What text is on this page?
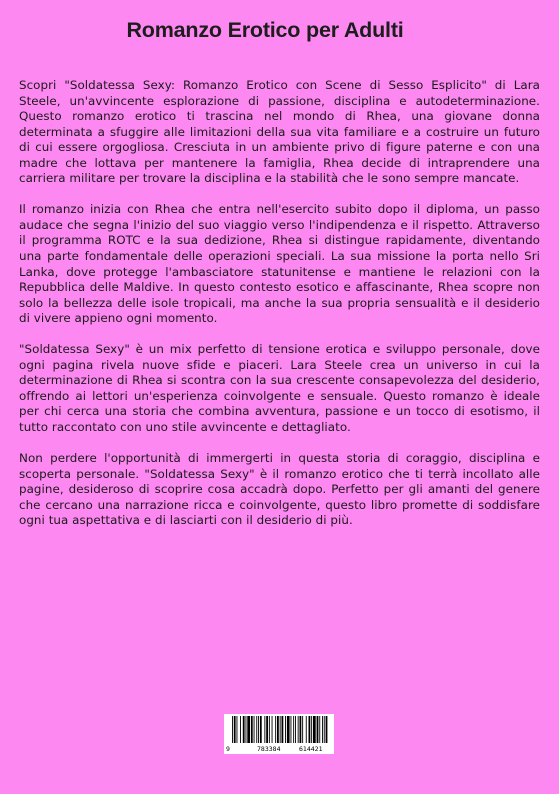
Romanzo Erotico per Adulti

Scopri "Soldatessa Sexy: Romanzo Erotico con Scene di Sesso Esplicito" di Lara Steele, un'avvincente esplorazione di passione, disciplina e autodeterminazione. Questo romanzo erotico ti trascina nel mondo di Rhea, una giovane donna determinata a sfuggire alle limitazioni della sua vita familiare e a costruire un futuro di cui essere orgogliosa. Cresciuta in un ambiente privo di figure paterne e con una madre che lottava per mantenere la famiglia, Rhea decide di intraprendere una carriera militare per trovare la disciplina e la stabilità che le sono sempre mancate.

Il romanzo inizia con Rhea che entra nell'esercito subito dopo il diploma, un passo audace che segna l'inizio del suo viaggio verso l'indipendenza e il rispetto. Attraverso il programma ROTC e la sua dedizione, Rhea si distingue rapidamente, diventando una parte fondamentale delle operazioni speciali. La sua missione la porta nello Sri Lanka, dove protegge l'ambasciatore statunitense e mantiene le relazioni con la Repubblica delle Maldive. In questo contesto esotico e affascinante, Rhea scopre non solo la bellezza delle isole tropicali, ma anche la sua propria sensualità e il desiderio di vivere appieno ogni momento.

"Soldatessa Sexy" è un mix perfetto di tensione erotica e sviluppo personale, dove ogni pagina rivela nuove sfide e piaceri. Lara Steele crea un universo in cui la determinazione di Rhea si scontra con la sua crescente consapevolezza del desiderio, offrendo ai lettori un'esperienza coinvolgente e sensuale. Questo romanzo è ideale per chi cerca una storia che combina avventura, passione e un tocco di esotismo, il tutto raccontato con uno stile avvincente e dettagliato.

Non perdere l'opportunità di immergerti in questa storia di coraggio, disciplina e scoperta personale. "Soldatessa Sexy" è il romanzo erotico che ti terrà incollato alle pagine, desideroso di scoprire cosa accadrà dopo. Perfetto per gli amanti del genere che cercano una narrazione ricca e coinvolgente, questo libro promette di soddisfare ogni tua aspettativa e di lasciarti con il desiderio di più.

9	783384	614421
